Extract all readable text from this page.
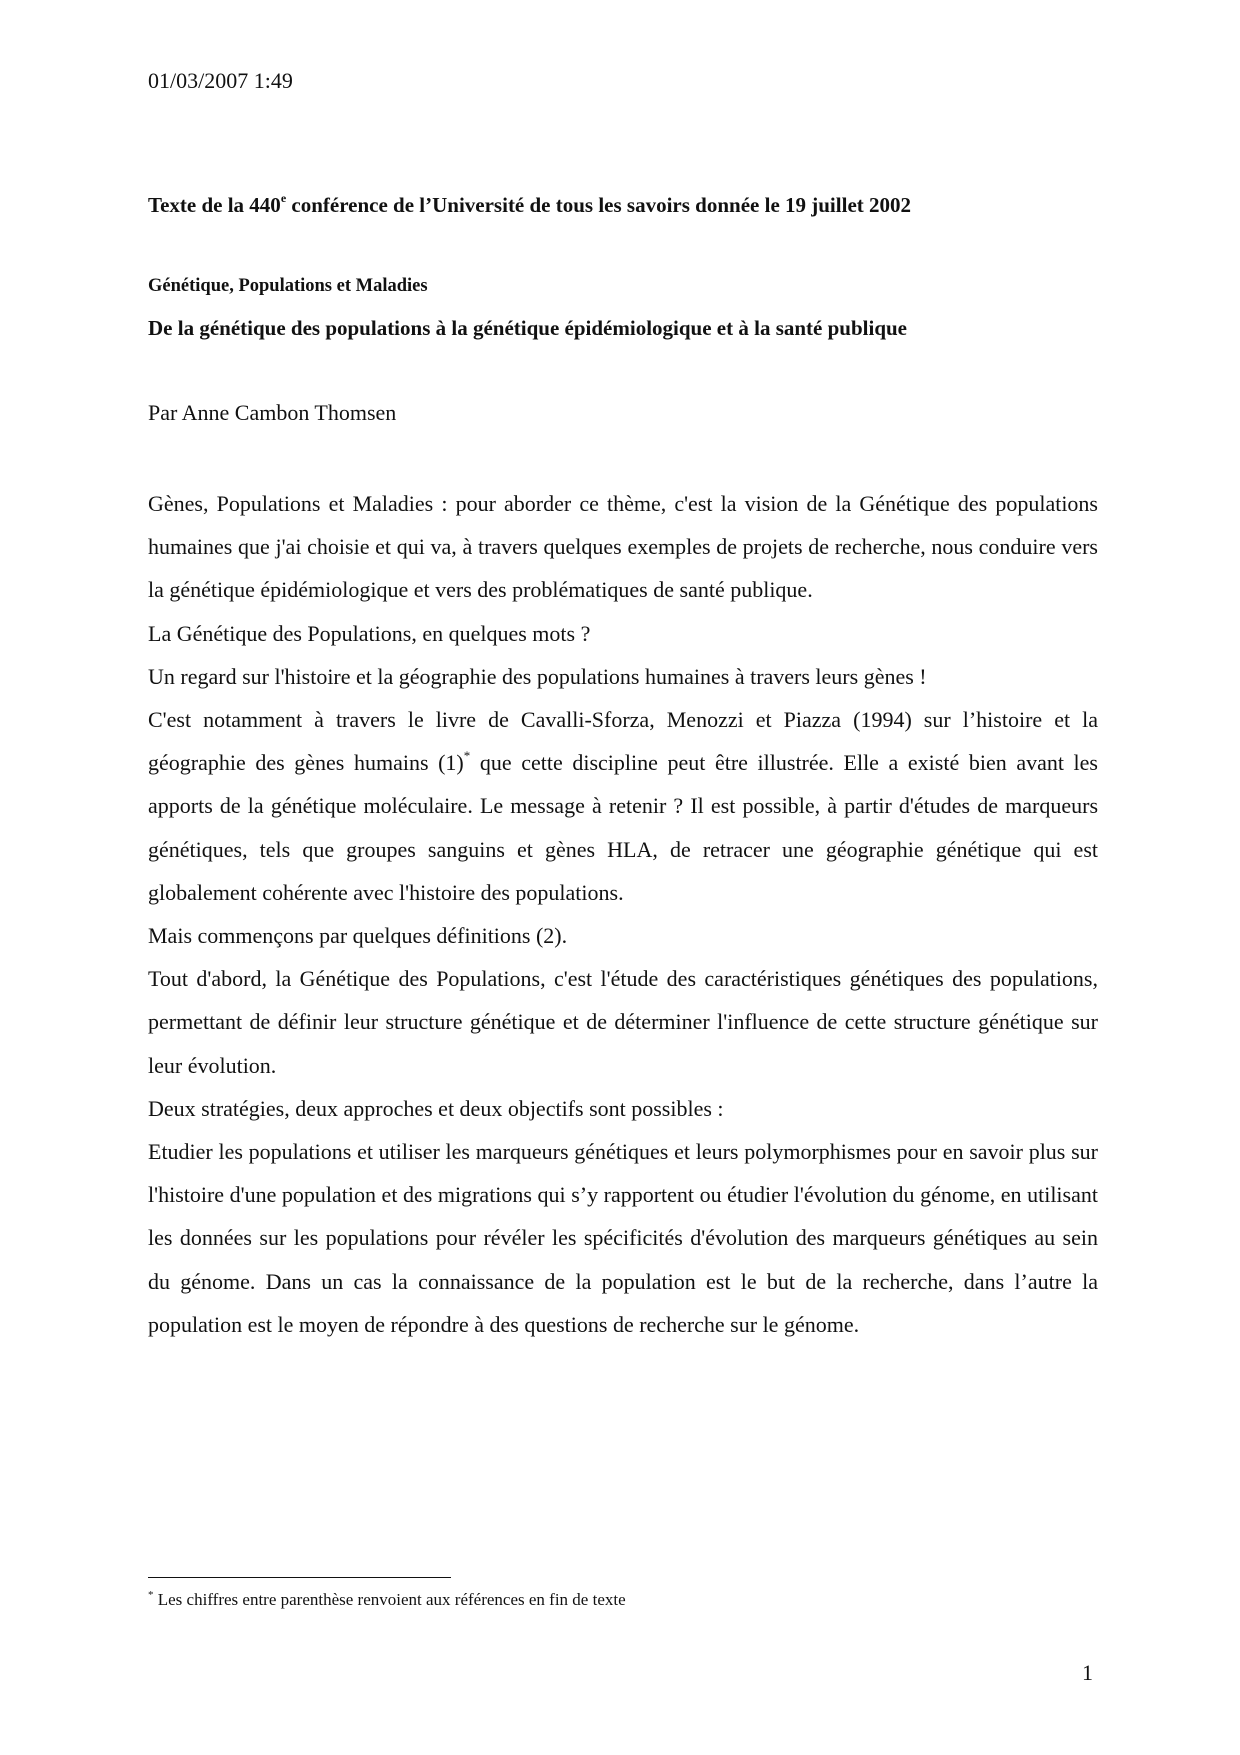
01/03/2007 1:49
Texte de la 440e conférence de l’Université de tous les savoirs donnée le 19 juillet 2002
Génétique, Populations et Maladies
De la génétique des populations à la génétique épidémiologique et à la santé publique
Par Anne Cambon Thomsen

Gènes, Populations et Maladies : pour aborder ce thème, c'est la vision de la Génétique des populations humaines que j'ai choisie et qui va, à travers quelques exemples de projets de recherche, nous conduire vers la génétique épidémiologique et vers des problématiques de santé publique.

La Génétique des Populations, en quelques mots ?

Un regard sur l'histoire et la géographie des populations humaines à travers leurs gènes !

C'est notamment à travers le livre de Cavalli-Sforza, Menozzi et Piazza (1994) sur l’histoire et la géographie des gènes humains (1)* que cette discipline peut être illustrée. Elle a existé bien avant les apports de la génétique moléculaire. Le message à retenir ? Il est possible, à partir d'études de marqueurs génétiques, tels que groupes sanguins et gènes HLA, de retracer une géographie génétique qui est globalement cohérente avec l'histoire des populations.

Mais commençons par quelques définitions (2).

Tout d'abord, la Génétique des Populations, c'est l'étude des caractéristiques génétiques des populations, permettant de définir leur structure génétique et de déterminer l'influence de cette structure génétique sur leur évolution.

Deux stratégies, deux approches et deux objectifs sont possibles :

Etudier les populations et utiliser les marqueurs génétiques et leurs polymorphismes pour en savoir plus sur l'histoire d'une population et des migrations qui s’y rapportent ou étudier l'évolution du génome, en utilisant les données sur les populations pour révéler les spécificités d'évolution des marqueurs génétiques au sein du génome. Dans un cas la connaissance de la population est le but de la recherche, dans l’autre la population est le moyen de répondre à des questions de recherche sur le génome.

* Les chiffres entre parenthèse renvoient aux références en fin de texte
1
